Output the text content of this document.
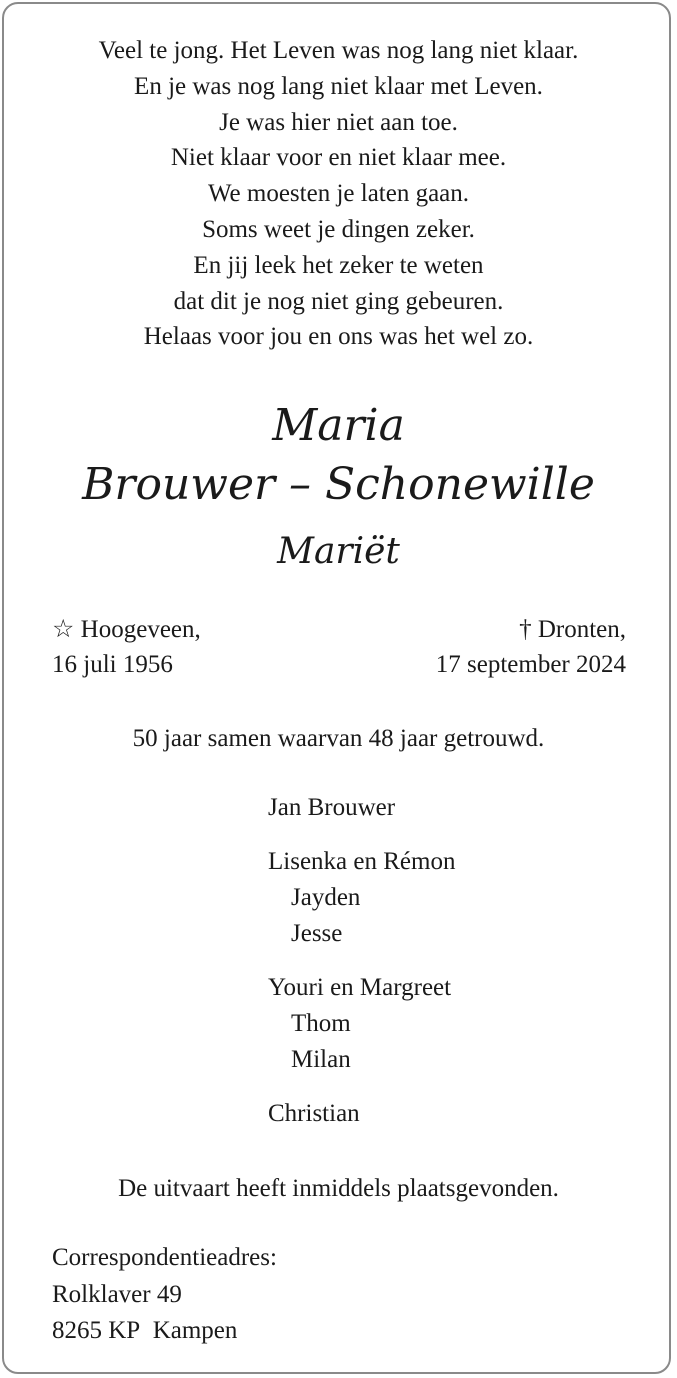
Veel te jong. Het Leven was nog lang niet klaar.
En je was nog lang niet klaar met Leven.
Je was hier niet aan toe.
Niet klaar voor en niet klaar mee.
We moesten je laten gaan.
Soms weet je dingen zeker.
En jij leek het zeker te weten
dat dit je nog niet ging gebeuren.
Helaas voor jou en ons was het wel zo.
Maria
Brouwer – Schonewille
Mariët
☆ Hoogeveen,
16 juli 1956
† Dronten,
17 september 2024
50 jaar samen waarvan 48 jaar getrouwd.
Jan Brouwer
Lisenka en Rémon
Jayden
Jesse
Youri en Margreet
Thom
Milan
Christian
De uitvaart heeft inmiddels plaatsgevonden.
Correspondentieadres:
Rolklaver 49
8265 KP  Kampen
